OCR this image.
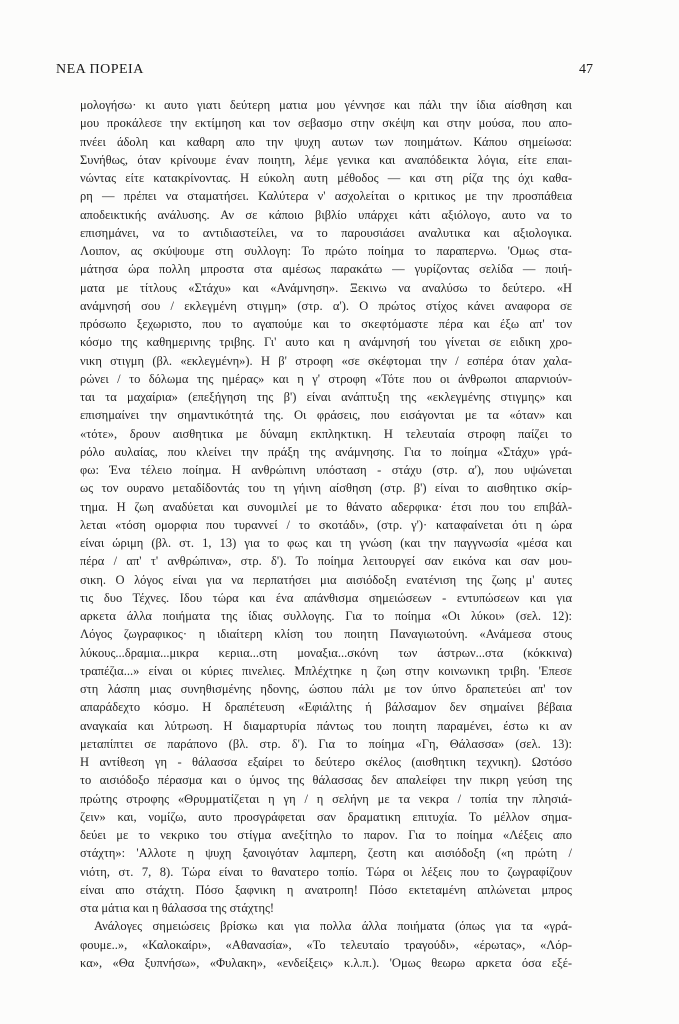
ΝΕΑ ΠΟΡΕΙΑ	47
μολογήσω· κι αυτο γιατι δεύτερη ματια μου γέννησε και πάλι την ίδια αίσθηση και
μου προκάλεσε την εκτίμηση και τον σεβασμο στην σκέψη και στην μούσα, που απο-
πνέει άδολη και καθαρη απο την ψυχη αυτων των ποιημάτων. Κάπου σημείωσα:
Συνήθως, όταν κρίνουμε έναν ποιητη, λέμε γενικα και αναπόδεικτα λόγια, είτε επαι-
νώντας είτε κατακρίνοντας. Η εύκολη αυτη μέθοδος — και στη ρίζα της όχι καθα-
ρη — πρέπει να σταματήσει. Καλύτερα ν' ασχολείται ο κριτικος με την προσπάθεια
αποδεικτικής ανάλυσης. Αν σε κάποιο βιβλίο υπάρχει κάτι αξιόλογο, αυτο να το
επισημάνει, να το αντιδιαστείλει, να το παρουσιάσει αναλυτικα και αξιολογικα.
Λοιπον, ας σκύψουμε στη συλλογη: Το πρώτο ποίημα το παραπερνω. 'Ομως στα-
μάτησα ώρα πολλη μπροστα στα αμέσως παρακάτω — γυρίζοντας σελίδα — ποιή-
ματα με τίτλους «Στάχυ» και «Ανάμνηση». Ξεκινω να αναλύσω το δεύτερο. «Η
ανάμνησή σου / εκλεγμένη στιγμη» (στρ. α'). Ο πρώτος στίχος κάνει αναφορα σε
πρόσωπο ξεχωριστο, που το αγαπούμε και το σκεφτόμαστε πέρα και έξω απ' τον
κόσμο της καθημερινης τριβης. Γι' αυτο και η ανάμνησή του γίνεται σε ειδικη χρο-
νικη στιγμη (βλ. «εκλεγμένη»). Η β' στροφη «σε σκέφτομαι την / εσπέρα όταν χαλα-
ρώνει / το δόλωμα της ημέρας» και η γ' στροφη «Τότε που οι άνθρωποι απαρνιούν-
ται τα μαχαίρια» (επεξήγηση της β') είναι ανάπτυξη της «εκλεγμένης στιγμης» και
επισημαίνει την σημαντικότητά της. Οι φράσεις, που εισάγονται με τα «όταν» και
«τότε», δρουν αισθητικα με δύναμη εκπληκτικη. Η τελευταία στροφη παίζει το
ρόλο αυλαίας, που κλείνει την πράξη της ανάμνησης. Για το ποίημα «Στάχυ» γρά-
φω: Ένα τέλειο ποίημα. Η ανθρώπινη υπόσταση - στάχυ (στρ. α'), που υψώνεται
ως τον ουρανο μεταδίδοντάς του τη γήινη αίσθηση (στρ. β') είναι το αισθητικο σκίρ-
τημα. Η ζωη αναδύεται και συνομιλεί με το θάνατο αδερφικα· έτσι που του επιβάλ-
λεται «τόση ομορφια που τυραννεί / το σκοτάδι», (στρ. γ')· καταφαίνεται ότι η ώρα
είναι ώριμη (βλ. στ. 1, 13) για το φως και τη γνώση (και την παγγνωσία «μέσα και
πέρα / απ' τ' ανθρώπινα», στρ. δ'). Το ποίημα λειτουργεί σαν εικόνα και σαν μου-
σικη. Ο λόγος είναι για να περπατήσει μια αισιόδοξη ενατένιση της ζωης μ' αυτες
τις δυο Τέχνες. Ιδου τώρα και ένα απάνθισμα σημειώσεων - εντυπώσεων και για
αρκετα άλλα ποιήματα της ίδιας συλλογης. Για το ποίημα «Οι λύκοι» (σελ. 12):
Λόγος ζωγραφικος· η ιδιαίτερη κλίση του ποιητη Παναγιωτούνη. «Ανάμεσα στους
λύκους...δραμια...μικρα κεριια...στη μοναξια...σκόνη των άστρων...στα (κόκκινα)
τραπέζια...» είναι οι κύριες πινελιες. Μπλέχτηκε η ζωη στην κοινωνικη τριβη. 'Επεσε
στη λάσπη μιας συνηθισμένης ηδονης, ώσπου πάλι με τον ύπνο δραπετεύει απ' τον
απαράδεχτο κόσμο. Η δραπέτευση «Εφιάλτης ή βάλσαμον δεν σημαίνει βέβαια
αναγκαία και λύτρωση. Η διαμαρτυρία πάντως του ποιητη παραμένει, έστω κι αν
μεταπίπτει σε παράπονο (βλ. στρ. δ'). Για το ποίημα «Γη, Θάλασσα» (σελ. 13):
Η αντίθεση γη - θάλασσα εξαίρει το δεύτερο σκέλος (αισθητικη τεχνικη). Ωστόσο
το αισιόδοξο πέρασμα και ο ύμνος της θάλασσας δεν απαλείφει την πικρη γεύση της
πρώτης στροφης «Θρυμματίζεται η γη / η σελήνη με τα νεκρα / τοπία την πλησιά-
ζειν» και, νομίζω, αυτο προσγράφεται σαν δραματικη επιτυχία. Το μέλλον σημα-
δεύει με το νεκρικο του στίγμα ανεξίτηλο το παρον. Για το ποίημα «Λέξεις απο
στάχτη»: 'Αλλοτε η ψυχη ξανοιγόταν λαμπερη, ζεστη και αισιόδοξη («η πρώτη /
νιότη, στ. 7, 8). Τώρα είναι το θανατερο τοπίο. Τώρα οι λέξεις που το ζωγραφίζουν
είναι απο στάχτη. Πόσο ξαφνικη η ανατροπη! Πόσο εκτεταμένη απλώνεται μπρος
στα μάτια και η θάλασσα της στάχτης!
Ανάλογες σημειώσεις βρίσκω και για πολλα άλλα ποιήματα (όπως για τα «γρά-
φουμε..», «Καλοκαίρι», «Αθανασία», «Το τελευταίο τραγούδι», «έρωτας», «Λόρ-
κα», «Θα ξυπνήσω», «Φυλακη», «ενδείξεις» κ.λ.π.). 'Ομως θεωρω αρκετα όσα εξέ-
